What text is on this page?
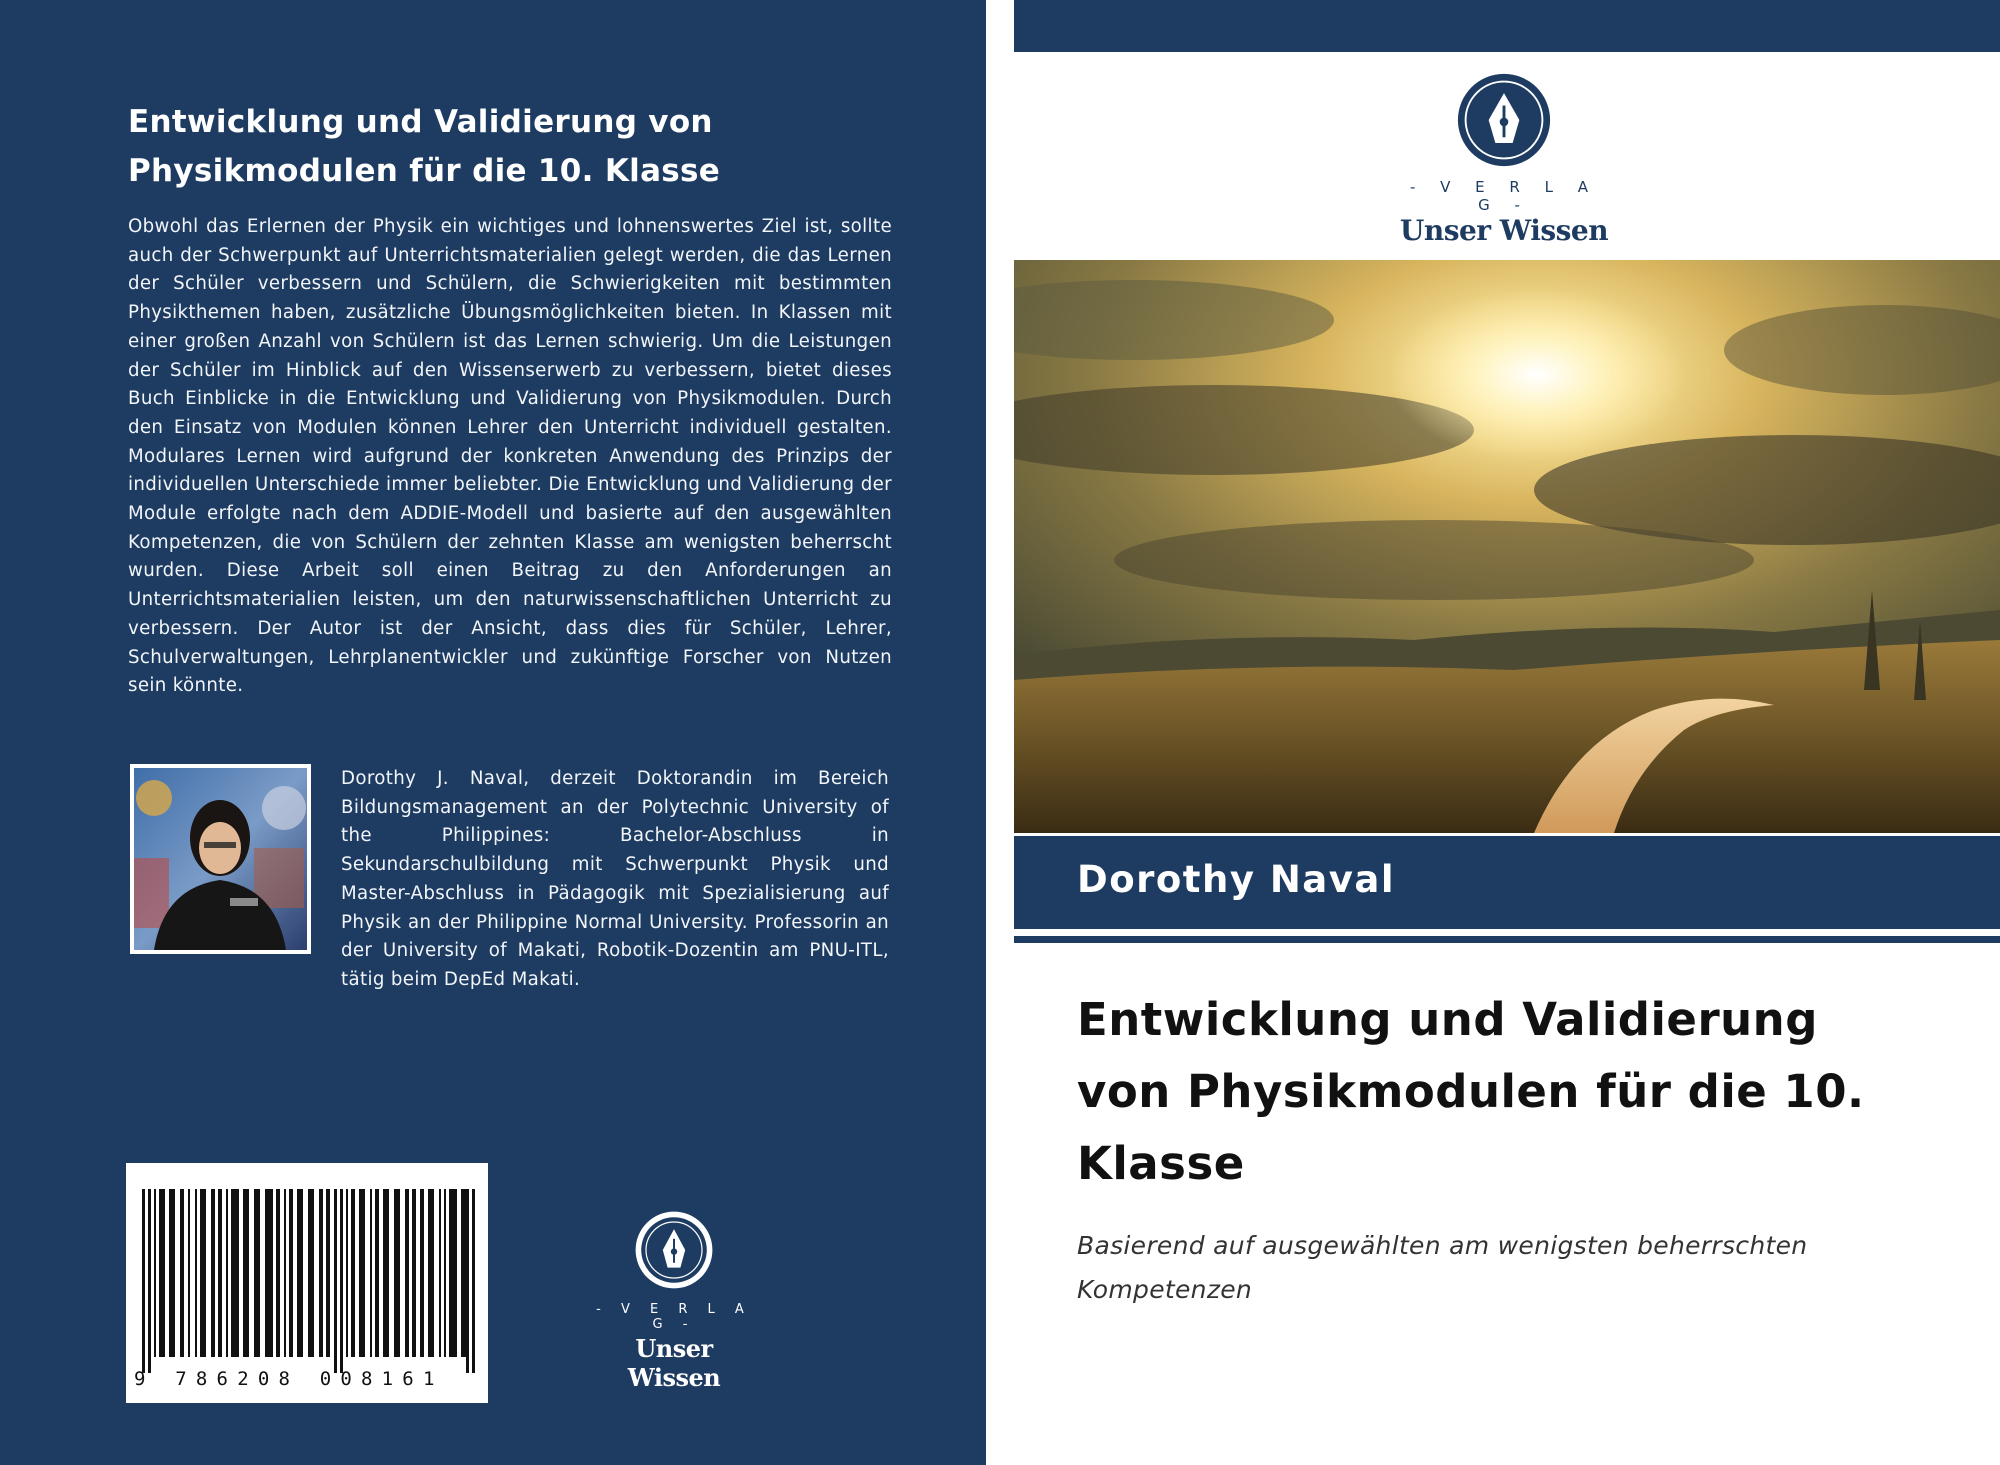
Entwicklung und Validierung von
Physikmodulen für die 10. Klasse

Obwohl das Erlernen der Physik ein wichtiges und lohnenswertes Ziel ist, sollte auch der Schwerpunkt auf Unterrichtsmaterialien gelegt werden, die das Lernen der Schüler verbessern und Schülern, die Schwierigkeiten mit bestimmten Physikthemen haben, zusätzliche Übungsmöglichkeiten bieten. In Klassen mit einer großen Anzahl von Schülern ist das Lernen schwierig. Um die Leistungen der Schüler im Hinblick auf den Wissenserwerb zu verbessern, bietet dieses Buch Einblicke in die Entwicklung und Validierung von Physikmodulen. Durch den Einsatz von Modulen können Lehrer den Unterricht individuell gestalten. Modulares Lernen wird aufgrund der konkreten Anwendung des Prinzips der individuellen Unterschiede immer beliebter. Die Entwicklung und Validierung der Module erfolgte nach dem ADDIE-Modell und basierte auf den ausgewählten Kompetenzen, die von Schülern der zehnten Klasse am wenigsten beherrscht wurden. Diese Arbeit soll einen Beitrag zu den Anforderungen an Unterrichtsmaterialien leisten, um den naturwissenschaftlichen Unterricht zu verbessern. Der Autor ist der Ansicht, dass dies für Schüler, Lehrer, Schulverwaltungen, Lehrplanentwickler und zukünftige Forscher von Nutzen sein könnte.

Dorothy J. Naval, derzeit Doktorandin im Bereich Bildungsmanagement an der Polytechnic University of the Philippines: Bachelor-Abschluss in Sekundarschulbildung mit Schwerpunkt Physik und Master-Abschluss in Pädagogik mit Spezialisierung auf Physik an der Philippine Normal University. Professorin an der University of Makati, Robotik-Dozentin am PNU-ITL, tätig beim DepEd Makati.

9 786208 008161
- V E R L A G -
Unser Wissen
- V E R L A G -
Unser Wissen
Dorothy Naval
Entwicklung und Validierung
von Physikmodulen für die 10.
Klasse

Basierend auf ausgewählten am wenigsten beherrschten
Kompetenzen
